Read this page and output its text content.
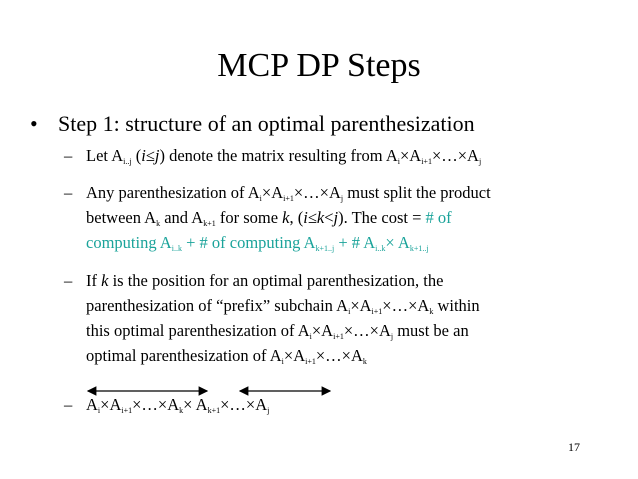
MCP DP Steps
• Step 1: structure of an optimal parenthesization
– Let $A_{i..j}$ (i≤j) denote the matrix resulting from $A_i\times A_{i+1}\times\dots\times A_j$
– Any parenthesization of $A_i\times A_{i+1}\times\dots\times A_j$ must split the product
between $A_k$ and $A_{k+1}$ for some k, (i≤k<j). The cost = # of
computing $A_{i..k}$ + # of computing $A_{k+1..j}$ + # $A_{i..k}\times A_{k+1..j}$
– If k is the position for an optimal parenthesization, the
parenthesization of “prefix” subchain $A_i\times A_{i+1}\times\dots\times A_k$ within
this optimal parenthesization of $A_i\times A_{i+1}\times\dots\times A_j$ must be an
optimal parenthesization of $A_i\times A_{i+1}\times\dots\times A_k$
– $A_i\times A_{i+1}\times\dots\times A_k\times$ $A_{k+1}\times\dots\times A_j$
17
